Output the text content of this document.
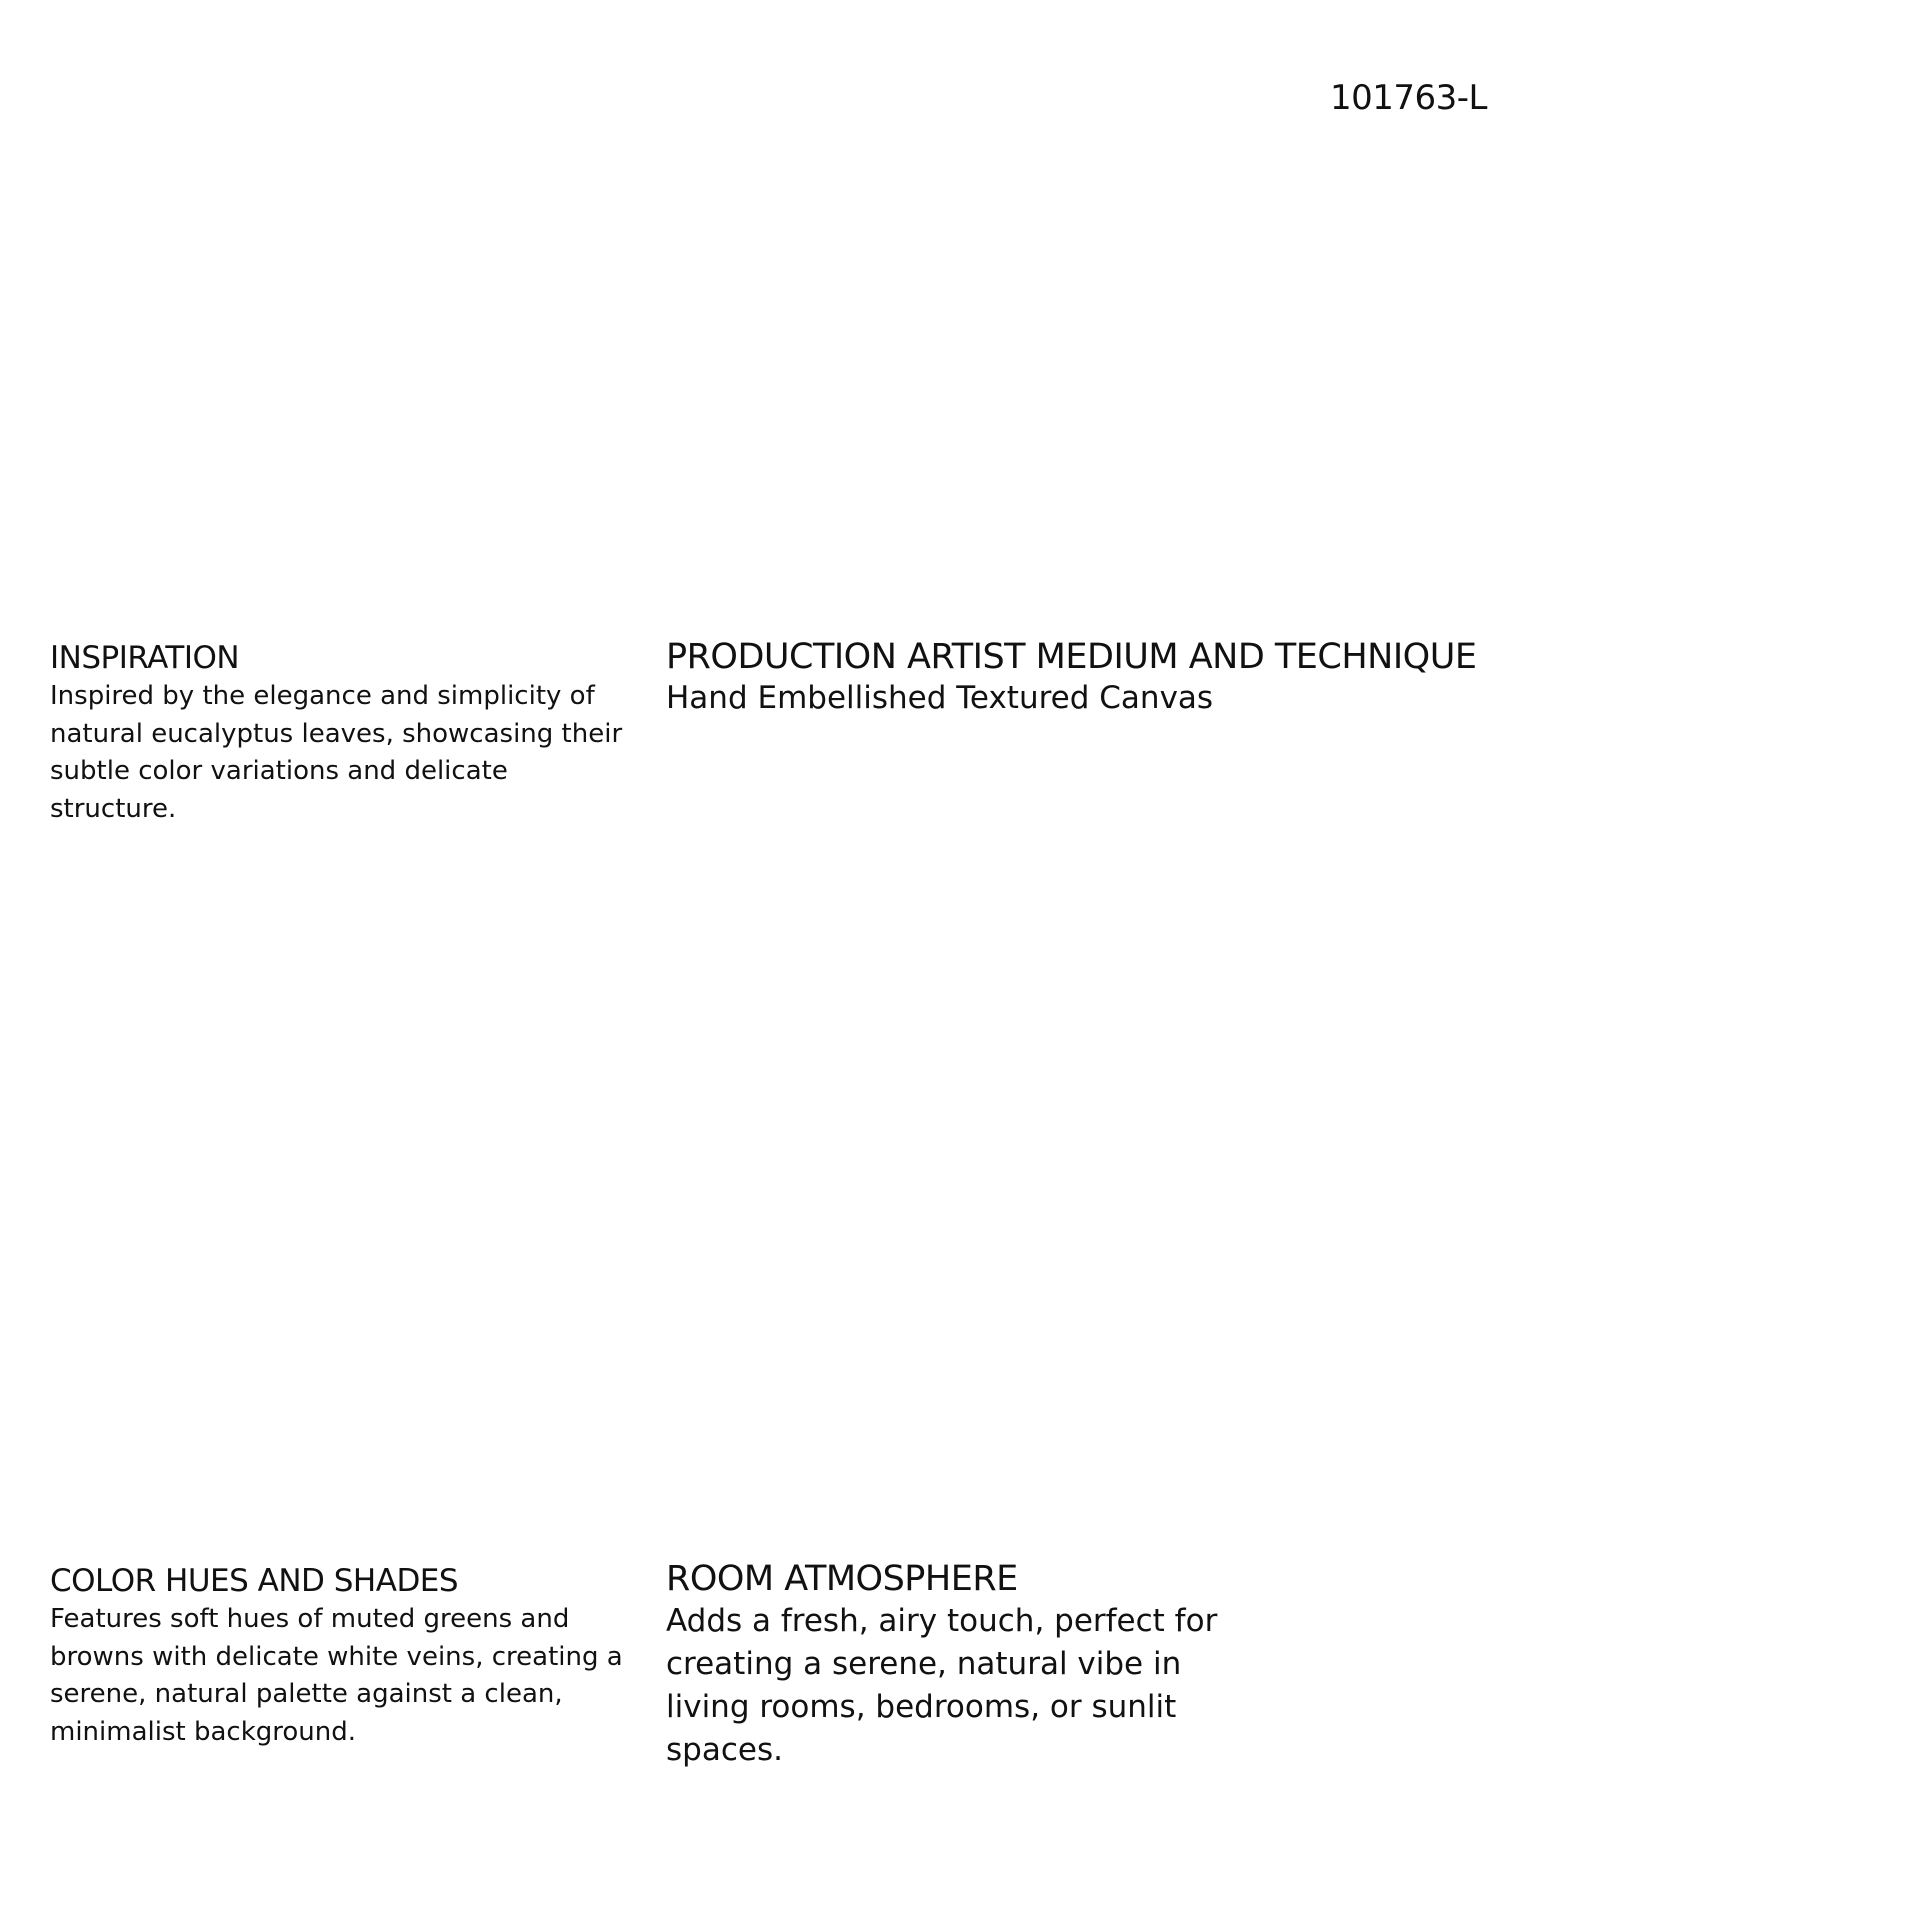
101763-L
INSPIRATION

Inspired by the elegance and simplicity of natural eucalyptus leaves, showcasing their subtle color variations and delicate structure.

PRODUCTION ARTIST MEDIUM AND TECHNIQUE

Hand Embellished Textured Canvas

COLOR HUES AND SHADES

Features soft hues of muted greens and browns with delicate white veins, creating a serene, natural palette against a clean, minimalist background.

ROOM ATMOSPHERE

Adds a fresh, airy touch, perfect for creating a serene, natural vibe in living rooms, bedrooms, or sunlit spaces.
